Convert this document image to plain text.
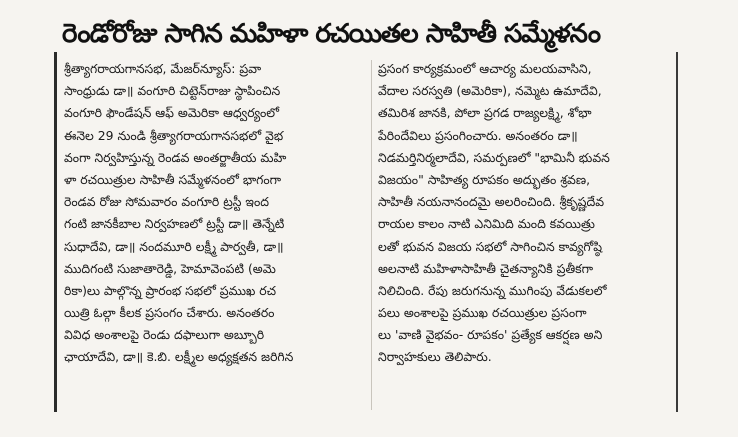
రెండోరోజు సాగిన మహిళా రచయితల సాహితీ సమ్మేళనం
శ్రీత్యాగరాయగానసభ, మేజర్‌న్యూస్: ప్రవా
సాంధ్రుడు డా॥ వంగూరి చిట్టెన్‌రాజు స్థాపించిన
వంగూరి ఫౌండేషన్ ఆఫ్ అమెరికా ఆధ్వర్యంలో
ఈనెల 29 నుండి శ్రీత్యాగరాయగానసభలో వైభ
వంగా నిర్వహిస్తున్న రెండవ అంతర్జాతీయ మహి
ళా రచయిత్రుల సాహితీ సమ్మేళనంలో భాగంగా
రెండవ రోజు సోమవారం వంగూరి ట్రస్టీ ఇంద
గంటి జానకీబాల నిర్వహణలో ట్రస్టీ డా॥ తెన్నేటి
సుధాదేవి, డా॥ నందమూరి లక్ష్మీ పార్వతీ, డా॥
ముదిగంటి సుజాతారెడ్డి, హెమావెంపటి (అమె
రికా)లు పాల్గొన్న ప్రారంభ సభలో ప్రముఖ రచ
యిత్రి ఓల్గా కీలక ప్రసంగం చేశారు. అనంతరం
వివిధ అంశాలపై రెండు దఫాలుగా అబ్బూరి
ఛాయాదేవి, డా॥ కె.బి. లక్ష్మీల అధ్యక్షతన జరిగిన
ప్రసంగ కార్యక్రమంలో ఆచార్య మలయవాసిని,
వేదాల సరస్వతి (అమెరికా), నమ్మెట ఉమాదేవి,
తమిరిశ జానకి, పోలా ప్రగడ రాజ్యలక్ష్మి, శోభా
పేరిందేవిలు ప్రసంగించారు. అనంతరం డా॥
నిడమర్తినిర్మలాదేవి, సమర్పణలో "భామినీ భువన
విజయం" సాహిత్య రూపకం అద్భుతం శ్రవణ,
సాహితీ నయనానందమై అలరించింది. శ్రీకృష్ణదేవ
రాయల కాలం నాటి ఎనిమిది మంది కవయిత్రు
లతో భువన విజయ సభలో సాగించిన కావ్యగోష్ఠి
అలనాటి మహిళాసాహితీ చైతన్యానికి ప్రతీకగా
నిలిచింది. రేపు జరుగనున్న ముగింపు వేడుకలలో
పలు అంశాలపై ప్రముఖ రచయిత్రుల ప్రసంగా
లు 'వాణి వైభవం- రూపకం' ప్రత్యేక ఆకర్షణ అని
నిర్వాహకులు తెలిపారు.
